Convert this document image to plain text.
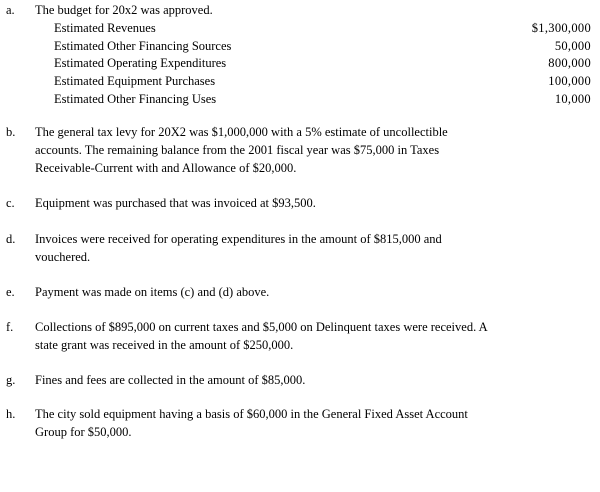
a. The budget for 20x2 was approved.
Estimated Revenues	$1,300,000
Estimated Other Financing Sources	50,000
Estimated Operating Expenditures	800,000
Estimated Equipment Purchases	100,000
Estimated Other Financing Uses	10,000
b. The general tax levy for 20X2 was $1,000,000 with a 5% estimate of uncollectible
accounts. The remaining balance from the 2001 fiscal year was $75,000 in Taxes
Receivable-Current with and Allowance of $20,000.
c. Equipment was purchased that was invoiced at $93,500.
d. Invoices were received for operating expenditures in the amount of $815,000 and
vouchered.
e. Payment was made on items (c) and (d) above.
f. Collections of $895,000 on current taxes and $5,000 on Delinquent taxes were received. A
state grant was received in the amount of $250,000.
g. Fines and fees are collected in the amount of $85,000.
h. The city sold equipment having a basis of $60,000 in the General Fixed Asset Account
Group for $50,000.
